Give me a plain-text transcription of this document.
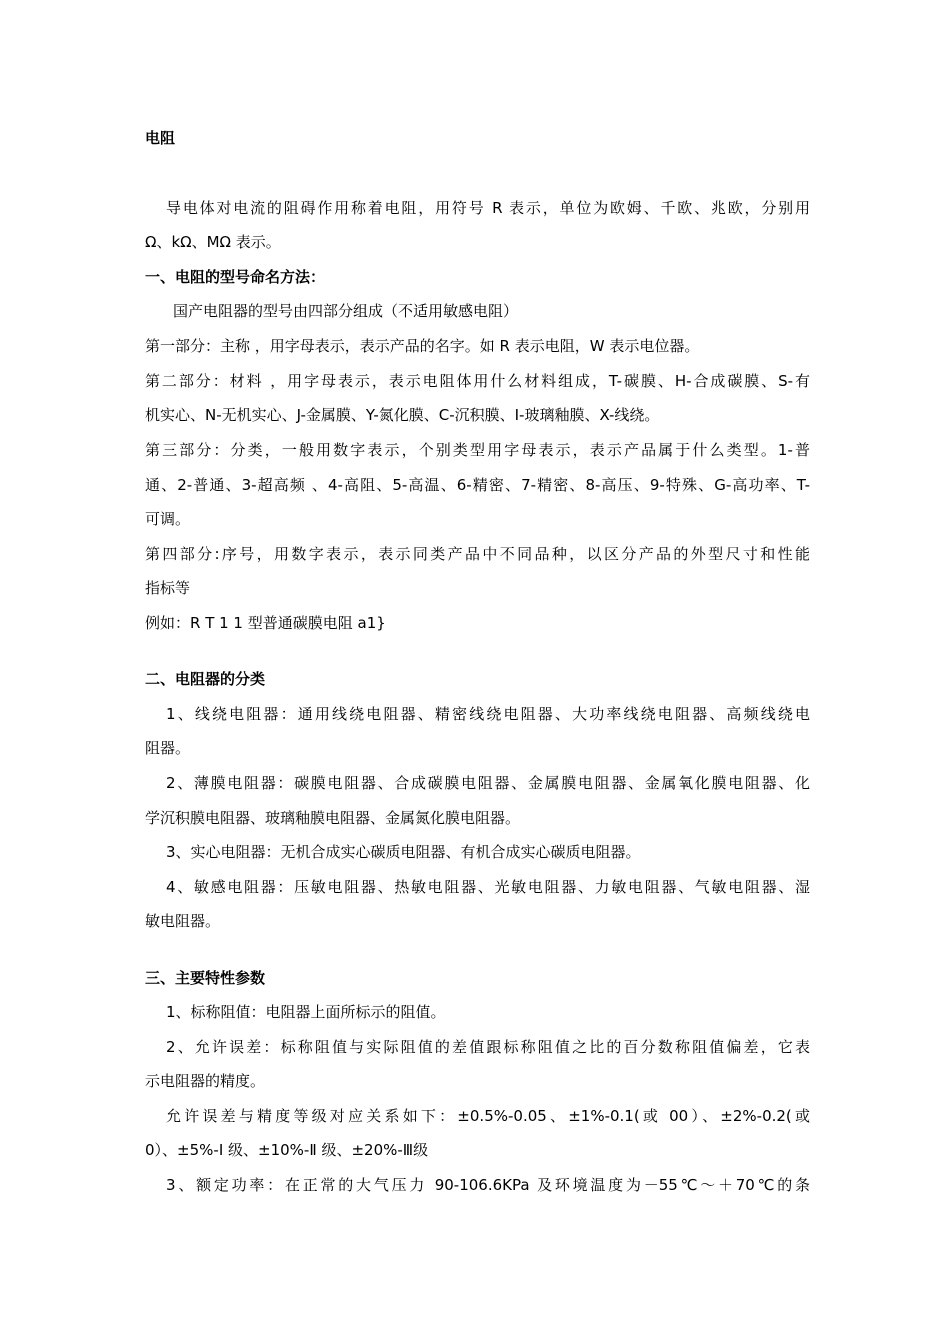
电阻
导电体对电流的阻碍作用称着电阻，用符号 R 表示，单位为欧姆、千欧、兆欧，分别用
Ω、kΩ、MΩ 表示。
一、电阻的型号命名方法：
国产电阻器的型号由四部分组成（不适用敏感电阻）
第一部分：主称 ，用字母表示，表示产品的名字。如 R 表示电阻，W 表示电位器。
第二部分：材料 ，用字母表示，表示电阻体用什么材料组成，T-碳膜、H-合成碳膜、S-有
机实心、N-无机实心、J-金属膜、Y-氮化膜、C-沉积膜、I-玻璃釉膜、X-线绕。
第三部分：分类，一般用数字表示，个别类型用字母表示，表示产品属于什么类型。1-普
通、2-普通、3-超高频 、4-高阻、5-高温、6-精密、7-精密、8-高压、9-特殊、G-高功率、T-
可调。
第四部分:序号，用数字表示，表示同类产品中不同品种，以区分产品的外型尺寸和性能
指标等
例如：R T 1 1 型普通碳膜电阻 a1}
二、电阻器的分类
1、线绕电阻器：通用线绕电阻器、精密线绕电阻器、大功率线绕电阻器、高频线绕电
阻器。
2、薄膜电阻器：碳膜电阻器、合成碳膜电阻器、金属膜电阻器、金属氧化膜电阻器、化
学沉积膜电阻器、玻璃釉膜电阻器、金属氮化膜电阻器。
3、实心电阻器：无机合成实心碳质电阻器、有机合成实心碳质电阻器。
4、敏感电阻器：压敏电阻器、热敏电阻器、光敏电阻器、力敏电阻器、气敏电阻器、湿
敏电阻器。
三、主要特性参数
1、标称阻值：电阻器上面所标示的阻值。
2、允许误差：标称阻值与实际阻值的差值跟标称阻值之比的百分数称阻值偏差，它表
示电阻器的精度。
允许误差与精度等级对应关系如下：±0.5%-0.05、±1%-0.1(或 00）、±2%-0.2(或
0）、±5%-Ⅰ 级、±10%-Ⅱ 级、±20%-Ⅲ级
3、额定功率：在正常的大气压力 90-106.6KPa 及环境温度为－55℃～＋70℃的条
